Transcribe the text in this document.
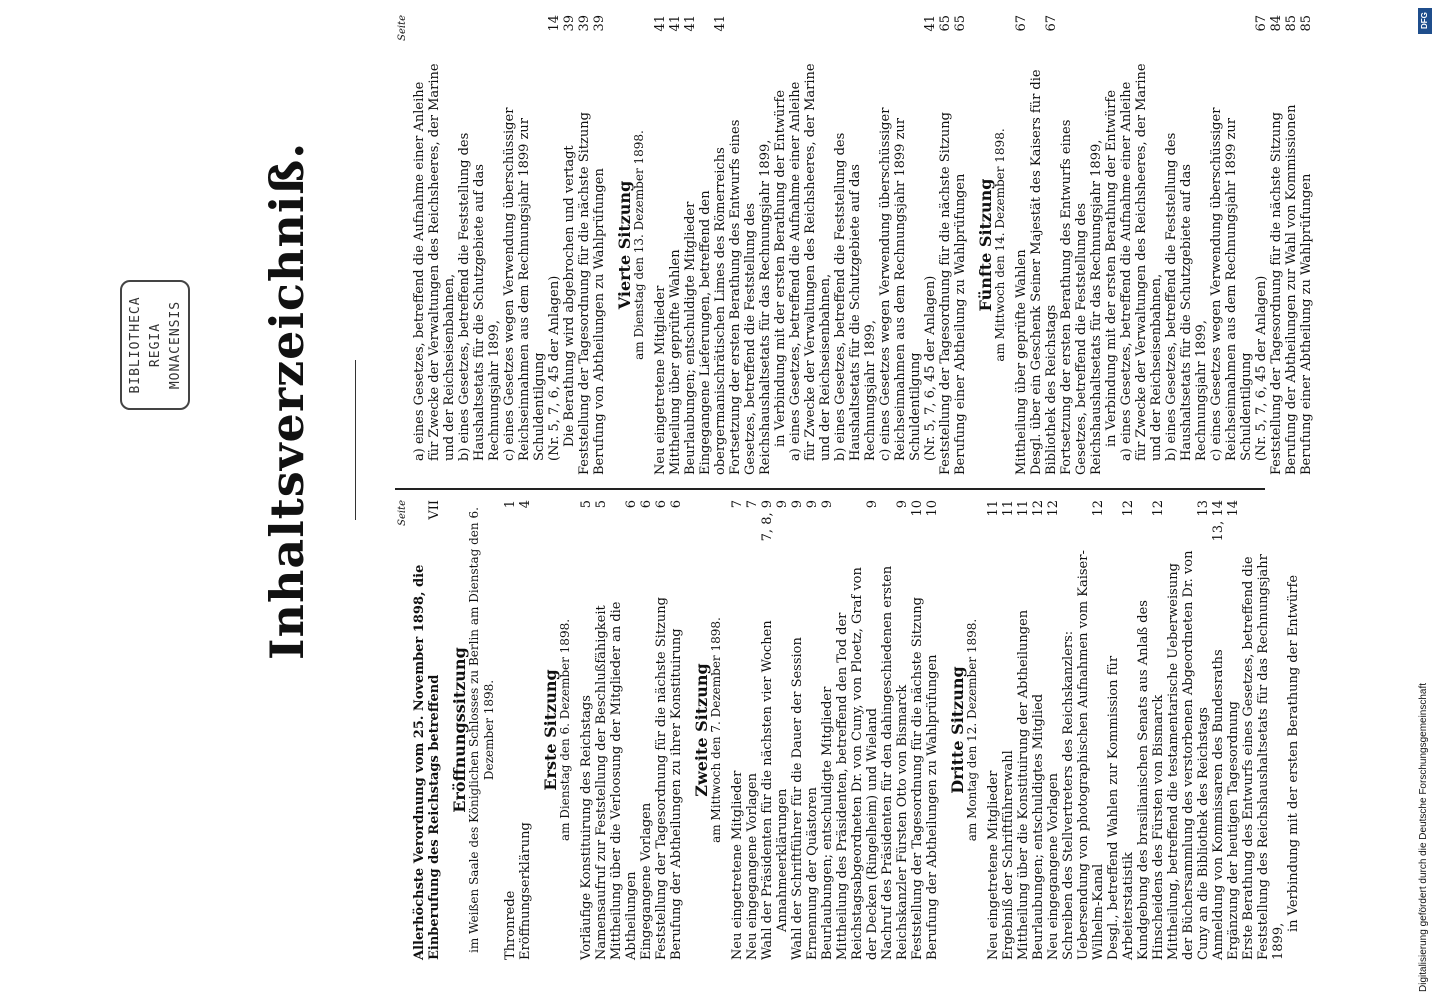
BIBLIOTHECA REGIA MONACENSIS Inhaltsverzeichniß.	Seite
Allerhöchste Verordnung vom 25. November 1898, die Einberufung des Reichstags betreffend
VII
Eröffnungssitzung
im Weißen Saale des Königlichen Schlosses zu Berlin am Dienstag den 6. Dezember 1898.
Thronrede
1
Eröffnungserklärung
4
Erste Sitzung
am Dienstag den 6. Dezember 1898. Vorläufige Konstituirung des Reichstags
5
Namensaufruf zur Feststellung der Beschlußfähigkeit
5
Mittheilung über die Verloosung der Mitglieder an die Abtheilungen
6
Eingegangene Vorlagen
6
Feststellung der Tagesordnung für die nächste Sitzung
6
Berufung der Abtheilungen zu ihrer Konstituirung
6
Zweite Sitzung
am Mittwoch den 7. Dezember 1898.
Neu eingetretene Mitglieder
7
Neu eingegangene Vorlagen
7
Wahl der Präsidenten für die nächsten vier Wochen
7, 8, 9
Annahmeerklärungen
9
Wahl der Schriftführer für die Dauer der Session
9
Ernennung der Quästoren
9
Beurlaubungen; entschuldigte Mitglieder
9
Mittheilung des Präsidenten, betreffend den Tod der Reichstagsabgeordneten Dr. von Cuny, von Ploetz, Graf von der Decken (Ringelheim) und Wieland
9
Nachruf des Präsidenten für den dahingeschiedenen ersten Reichskanzler Fürsten Otto von Bismarck
9
Feststellung der Tagesordnung für die nächste Sitzung
10
Berufung der Abtheilungen zu Wahlprüfungen
10
Dritte Sitzung
am Montag den 12. Dezember 1898.
Neu eingetretene Mitglieder
11
Ergebniß der Schriftführerwahl
11
Mittheilung über die Konstituirung der Abtheilungen
11
Beurlaubungen; entschuldigtes Mitglied
12
Neu eingegangene Vorlagen
12
Schreiben des Stellvertreters des Reichskanzlers: Uebersendung von photographischen Aufnahmen vom Kaiser-Wilhelm-Kanal
12
Desgl., betreffend Wahlen zur Kommission für Arbeiterstatistik
12
Kundgebung des brasilianischen Senats aus Anlaß des Hinscheidens des Fürsten von Bismarck
12
Mittheilung, betreffend die testamentarische Ueberweisung der Büchersammlung des verstorbenen Abgeordneten Dr. von Cuny an die Bibliothek des Reichstags
13
Anmeldung von Kommissaren des Bundesraths
13, 14
Ergänzung der heutigen Tagesordnung
14
Erste Berathung des Entwurfs eines Gesetzes, betreffend die Feststellung des Reichshaushaltsetats für das Rechnungsjahr 1899,
in Verbindung mit der ersten Berathung der Entwürfe
Seite
a) eines Gesetzes, betreffend die Aufnahme einer Anleihe für Zwecke der Verwaltungen des Reichsheeres, der Marine und der Reichseisenbahnen, b) eines Gesetzes, betreffend die Feststellung des Haushaltsetats für die Schutzgebiete auf das Rechnungsjahr 1899, c) eines Gesetzes wegen Verwendung überschüssiger Reichseinnahmen aus dem Rechnungsjahr 1899 zur Schuldentilgung (Nr. 5, 7, 6, 45 der Anlagen)
14
Die Berathung wird abgebrochen und vertagt
39
Feststellung der Tagesordnung für die nächste Sitzung
39
Berufung von Abtheilungen zu Wahlprüfungen
39
Vierte Sitzung
am Dienstag den 13. Dezember 1898.
Neu eingetretene Mitglieder
41
Mittheilung über geprüfte Wahlen
41
Beurlaubungen; entschuldigte Mitglieder
41
Eingegangene Lieferungen, betreffend den obergermanischrätischen Limes des Römerreichs
41
Fortsetzung der ersten Berathung des Entwurfs eines Gesetzes, betreffend die Feststellung des Reichshaushaltsetats für das Rechnungsjahr 1899, in Verbindung mit der ersten Berathung der Entwürfe a) eines Gesetzes, betreffend die Aufnahme einer Anleihe für Zwecke der Verwaltungen des Reichsheeres, der Marine und der Reichseisenbahnen, b) eines Gesetzes, betreffend die Feststellung des Haushaltsetats für die Schutzgebiete auf das Rechnungsjahr 1899, c) eines Gesetzes wegen Verwendung überschüssiger Reichseinnahmen aus dem Rechnungsjahr 1899 zur Schuldentilgung (Nr. 5, 7, 6, 45 der Anlagen)
41
Feststellung der Tagesordnung für die nächste Sitzung
65
Berufung einer Abtheilung zu Wahlprüfungen
65
Fünfte Sitzung
am Mittwoch den 14. Dezember 1898.
Mittheilung über geprüfte Wahlen
67
Desgl. über ein Geschenk Seiner Majestät des Kaisers für die Bibliothek des Reichstags
67
Fortsetzung der ersten Berathung des Entwurfs eines Gesetzes, betreffend die Feststellung des Reichshaushaltsetats für das Rechnungsjahr 1899, in Verbindung mit der ersten Berathung der Entwürfe a) eines Gesetzes, betreffend die Aufnahme einer Anleihe für Zwecke der Verwaltungen des Reichsheeres, der Marine und der Reichseisenbahnen, b) eines Gesetzes, betreffend die Feststellung des Haushaltsetats für die Schutzgebiete auf das Rechnungsjahr 1899, c) eines Gesetzes wegen Verwendung überschüssiger Reichseinnahmen aus dem Rechnungsjahr 1899 zur Schuldentilgung (Nr. 5, 7, 6, 45 der Anlagen)
67
Feststellung der Tagesordnung für die nächste Sitzung
84
Berufung der Abtheilungen zur Wahl von Kommissionen
85
Berufung einer Abtheilung zu Wahlprüfungen
85
Digitalisierung gefördert durch die Deutsche Forschungsgemeinschaft
DFG
